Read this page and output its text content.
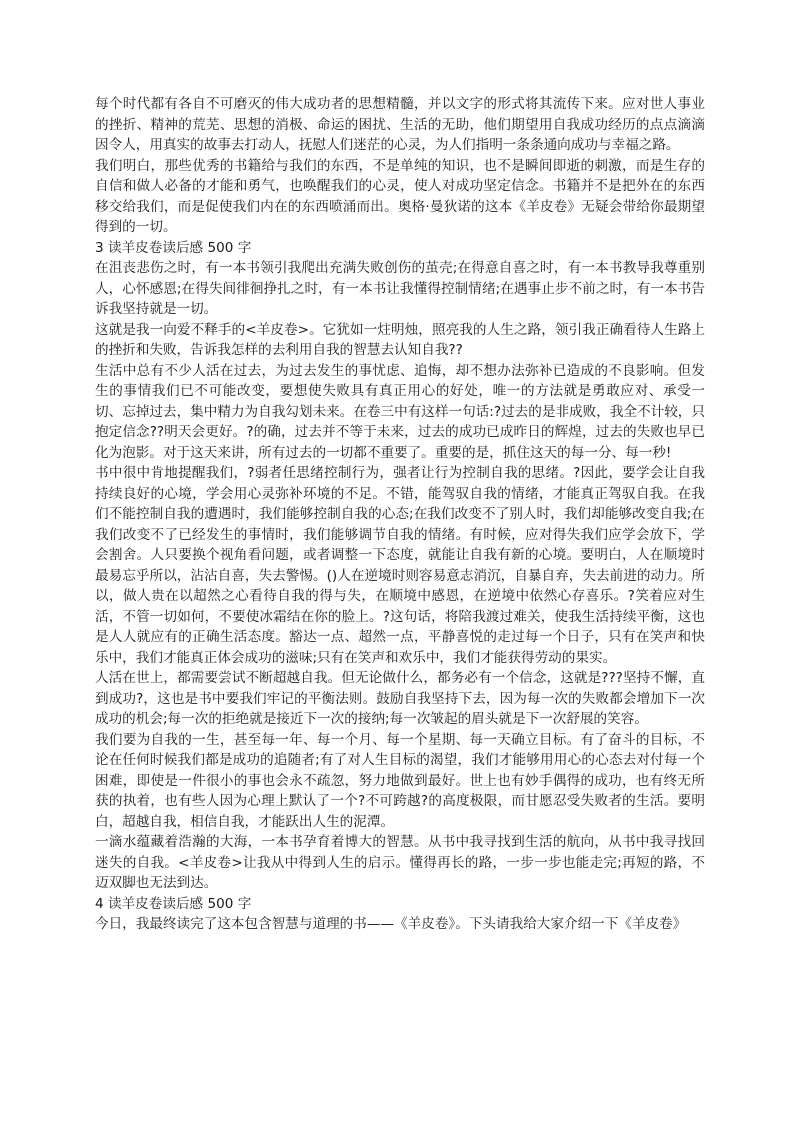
每个时代都有各自不可磨灭的伟大成功者的思想精髓，并以文字的形式将其流传下来。应对世人事业的挫折、精神的荒芜、思想的消极、命运的困扰、生活的无助，他们期望用自我成功经历的点点滴滴因令人，用真实的故事去打动人，抚慰人们迷茫的心灵，为人们指明一条条通向成功与幸福之路。

我们明白，那些优秀的书籍给与我们的东西，不是单纯的知识，也不是瞬间即逝的刺激，而是生存的自信和做人必备的才能和勇气，也唤醒我们的心灵，使人对成功坚定信念。书籍并不是把外在的东西移交给我们，而是促使我们内在的东西喷涌而出。奥格·曼狄诺的这本《羊皮卷》无疑会带给你最期望得到的一切。

3 读羊皮卷读后感 500 字

在沮丧悲伤之时，有一本书领引我爬出充满失败创伤的茧壳;在得意自喜之时，有一本书教导我尊重别人，心怀感恩;在得失间徘徊挣扎之时，有一本书让我懂得控制情绪;在遇事止步不前之时，有一本书告诉我坚持就是一切。

这就是我一向爱不释手的<羊皮卷>。它犹如一炷明烛，照亮我的人生之路，领引我正确看待人生路上的挫折和失败，告诉我怎样的去利用自我的智慧去认知自我??

生活中总有不少人活在过去，为过去发生的事忧虑、追悔，却不想办法弥补已造成的不良影响。但发生的事情我们已不可能改变，要想使失败具有真正用心的好处，唯一的方法就是勇敢应对、承受一切、忘掉过去，集中精力为自我勾划未来。在卷三中有这样一句话:?过去的是非成败，我全不计较，只抱定信念??明天会更好。?的确，过去并不等于未来，过去的成功已成昨日的辉煌，过去的失败也早已化为泡影。对于这天来讲，所有过去的一切都不重要了。重要的是，抓住这天的每一分、每一秒!

书中很中肯地提醒我们，?弱者任思绪控制行为，强者让行为控制自我的思绪。?因此，要学会让自我持续良好的心境，学会用心灵弥补环境的不足。不错，能驾驭自我的情绪，才能真正驾驭自我。在我们不能控制自我的遭遇时，我们能够控制自我的心态;在我们改变不了别人时，我们却能够改变自我;在我们改变不了已经发生的事情时，我们能够调节自我的情绪。有时候，应对得失我们应学会放下，学会割舍。人只要换个视角看问题，或者调整一下态度，就能让自我有新的心境。要明白，人在顺境时最易忘乎所以，沾沾自喜，失去警惕。()人在逆境时则容易意志消沉，自暴自弃，失去前进的动力。所以，做人贵在以超然之心看待自我的得与失，在顺境中感恩，在逆境中依然心存喜乐。?笑着应对生活，不管一切如何，不要使冰霜结在你的脸上。?这句话，将陪我渡过难关，使我生活持续平衡，这也是人人就应有的正确生活态度。豁达一点、超然一点，平静喜悦的走过每一个日子，只有在笑声和快乐中，我们才能真正体会成功的滋味;只有在笑声和欢乐中，我们才能获得劳动的果实。

人活在世上，都需要尝试不断超越自我。但无论做什么，都务必有一个信念，这就是???坚持不懈，直到成功?，这也是书中要我们牢记的平衡法则。鼓励自我坚持下去，因为每一次的失败都会增加下一次成功的机会;每一次的拒绝就是接近下一次的接纳;每一次皱起的眉头就是下一次舒展的笑容。

我们要为自我的一生，甚至每一年、每一个月、每一个星期、每一天确立目标。有了奋斗的目标，不论在任何时候我们都是成功的追随者;有了对人生目标的渴望，我们才能够用用心的心态去对付每一个困难，即使是一件很小的事也会永不疏忽，努力地做到最好。世上也有妙手偶得的成功，也有终无所获的执着，也有些人因为心理上默认了一个?不可跨越?的高度极限，而甘愿忍受失败者的生活。要明白，超越自我，相信自我，才能跃出人生的泥潭。

一滴水蕴藏着浩瀚的大海，一本书孕育着博大的智慧。从书中我寻找到生活的航向，从书中我寻找回迷失的自我。<羊皮卷>让我从中得到人生的启示。懂得再长的路，一步一步也能走完;再短的路，不迈双脚也无法到达。

4 读羊皮卷读后感 500 字

今日，我最终读完了这本包含智慧与道理的书——《羊皮卷》。下头请我给大家介绍一下《羊皮卷》
